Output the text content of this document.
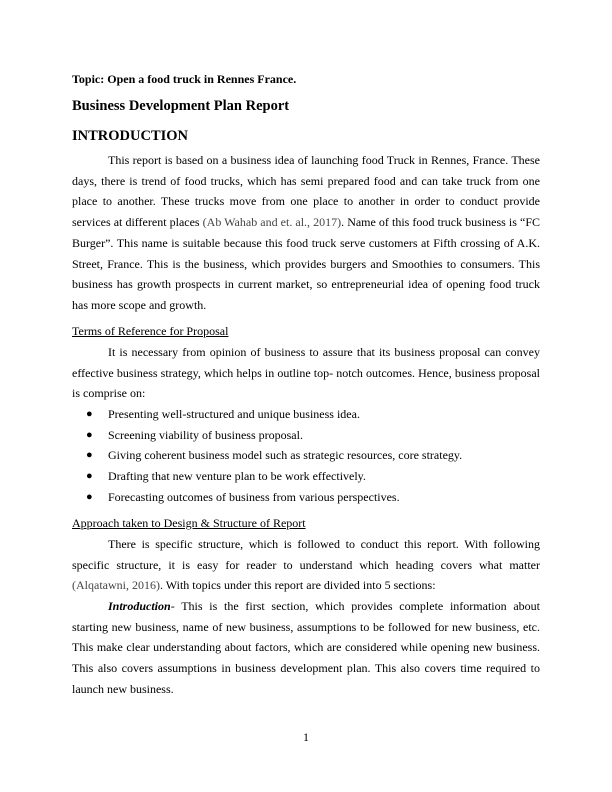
Topic: Open a food truck in Rennes France.
Business Development Plan Report
INTRODUCTION

This report is based on a business idea of launching food Truck in Rennes, France. These days, there is trend of food trucks, which has semi prepared food and can take truck from one place to another. These trucks move from one place to another in order to conduct provide services at different places (Ab Wahab and et. al., 2017). Name of this food truck business is “FC Burger”. This name is suitable because this food truck serve customers at Fifth crossing of A.K. Street, France. This is the business, which provides burgers and Smoothies to consumers. This business has growth prospects in current market, so entrepreneurial idea of opening food truck has more scope and growth.

Terms of Reference for Proposal

It is necessary from opinion of business to assure that its business proposal can convey effective business strategy, which helps in outline top- notch outcomes. Hence, business proposal is comprise on:

● Presenting well-structured and unique business idea.
● Screening viability of business proposal.
● Giving coherent business model such as strategic resources, core strategy.
● Drafting that new venture plan to be work effectively.
● Forecasting outcomes of business from various perspectives.
Approach taken to Design & Structure of Report

There is specific structure, which is followed to conduct this report. With following specific structure, it is easy for reader to understand which heading covers what matter (Alqatawni, 2016). With topics under this report are divided into 5 sections:

Introduction- This is the first section, which provides complete information about starting new business, name of new business, assumptions to be followed for new business, etc. This make clear understanding about factors, which are considered while opening new business. This also covers assumptions in business development plan. This also covers time required to launch new business.

1
